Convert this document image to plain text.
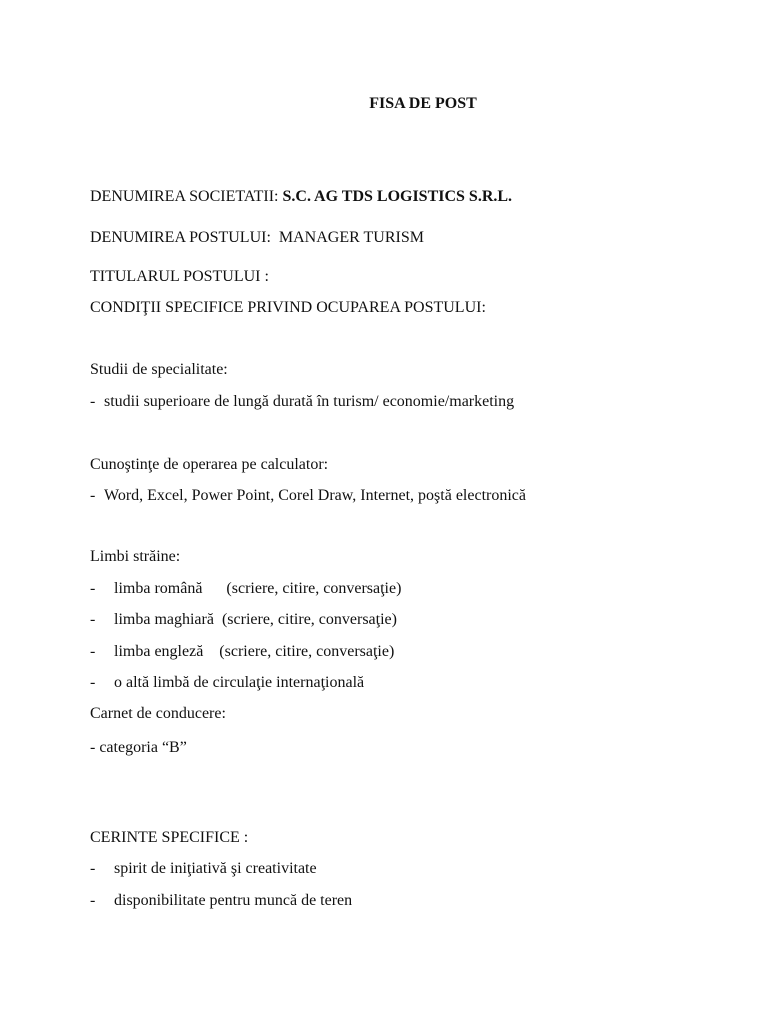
FISA DE POST
DENUMIREA SOCIETATII: S.C. AG TDS LOGISTICS S.R.L.
DENUMIREA POSTULUI:  MANAGER TURISM
TITULARUL POSTULUI :
CONDIŢII SPECIFICE PRIVIND OCUPAREA POSTULUI:
Studii de specialitate:
- studii superioare de lungă durată în turism/ economie/marketing
Cunoştinţe de operarea pe calculator:
- Word, Excel, Power Point, Corel Draw, Internet, poştă electronică
Limbi străine:
- limba română      (scriere, citire, conversaţie)
- limba maghiară  (scriere, citire, conversaţie)
- limba engleză    (scriere, citire, conversaţie)
- o altă limbă de circulaţie internaţională
Carnet de conducere:
- categoria “B”
CERINTE SPECIFICE :
- spirit de iniţiativă şi creativitate
- disponibilitate pentru muncă de teren
